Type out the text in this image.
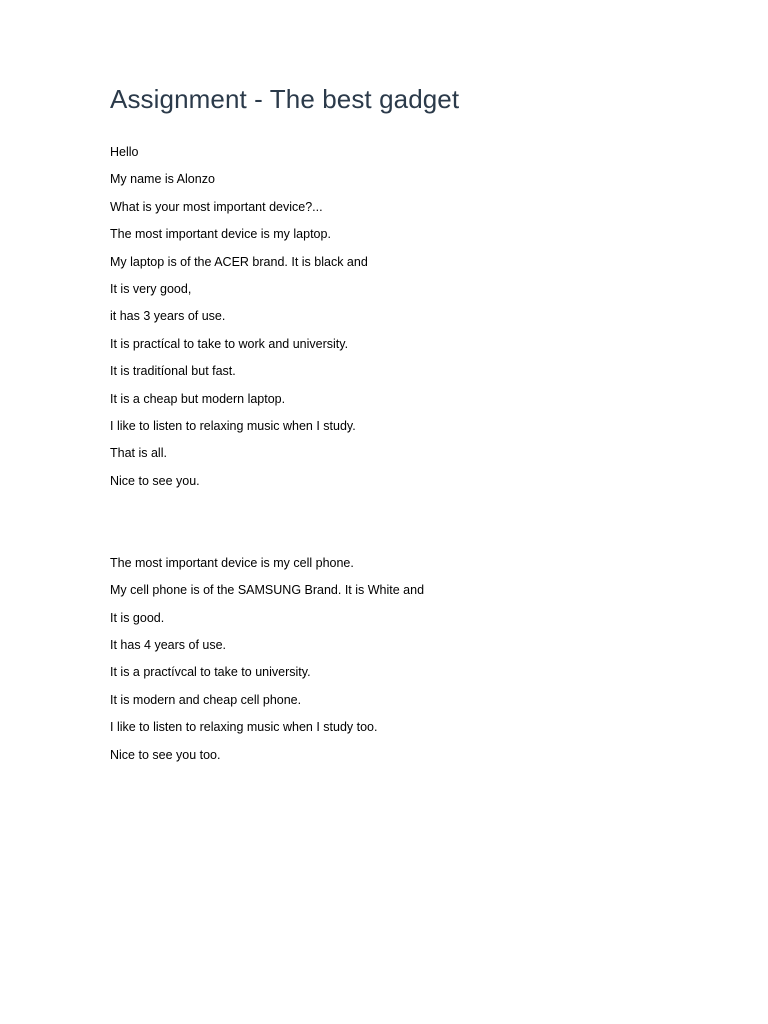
Assignment - The best gadget
Hello
My name is Alonzo
What is your most important device?...
The most important device is my laptop.
My laptop is of the ACER brand. It is black and
It is very good,
it has 3 years of use.
It is practícal to take to work and university.
It is traditíonal but fast.
It is a cheap but modern laptop.
I like to listen to relaxing music when I study.
That is all.
Nice to see you.
The most important device is my cell phone.
My cell phone is of the SAMSUNG Brand. It is White and
It is good.
It has 4 years of use.
It is a practívcal to take to university.
It is modern and cheap cell phone.
I like to listen to relaxing music when I study too.
Nice to see you too.
